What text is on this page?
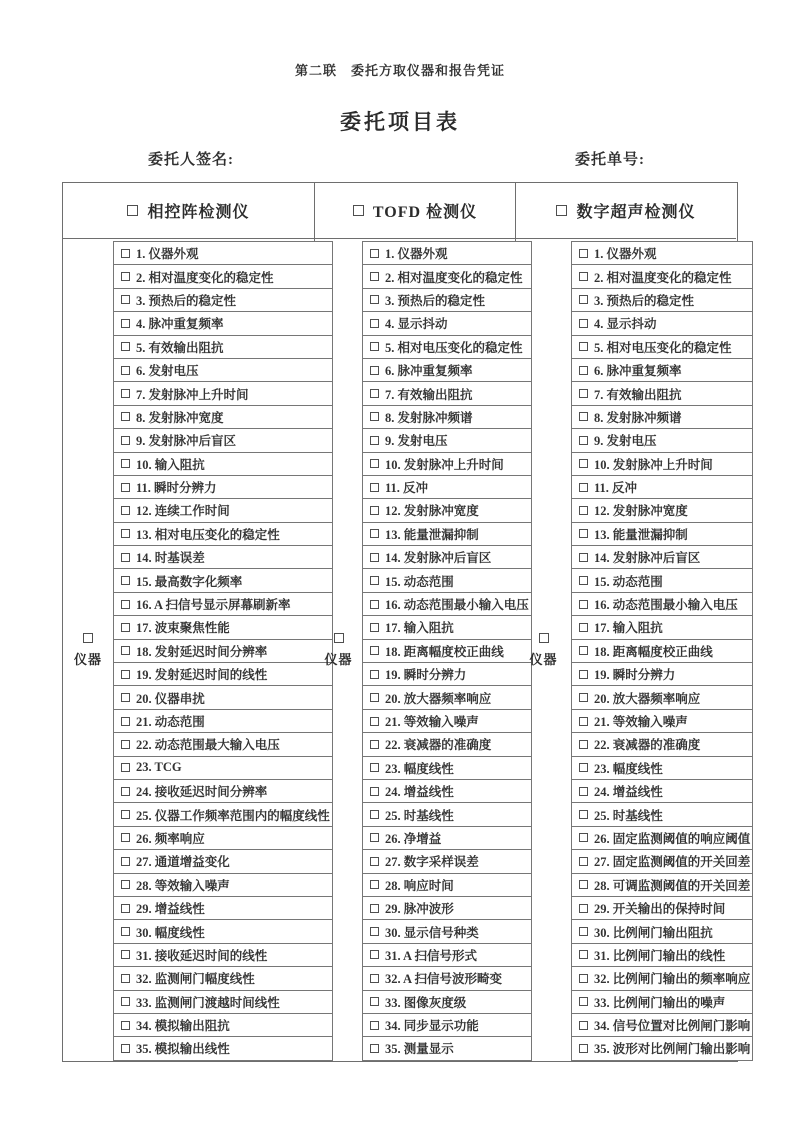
第二联　委托方取仪器和报告凭证
委托项目表
委托人签名:	委托单号:
相控阵检测仪
仪器
1. 仪器外观
2. 相对温度变化的稳定性
3. 预热后的稳定性
4. 脉冲重复频率
5. 有效输出阻抗
6. 发射电压
7. 发射脉冲上升时间
8. 发射脉冲宽度
9. 发射脉冲后盲区
10. 输入阻抗
11. 瞬时分辨力
12. 连续工作时间
13. 相对电压变化的稳定性
14. 时基误差
15. 最高数字化频率
16. A 扫信号显示屏幕刷新率
17. 波束聚焦性能
18. 发射延迟时间分辨率
19. 发射延迟时间的线性
20. 仪器串扰
21. 动态范围
22. 动态范围最大输入电压
23. TCG
24. 接收延迟时间分辨率
25. 仪器工作频率范围内的幅度线性
26. 频率响应
27. 通道增益变化
28. 等效输入噪声
29. 增益线性
30. 幅度线性
31. 接收延迟时间的线性
32. 监测闸门幅度线性
33. 监测闸门渡越时间线性
34. 模拟输出阻抗
35. 模拟输出线性
TOFD 检测仪
仪器
1. 仪器外观
2. 相对温度变化的稳定性
3. 预热后的稳定性
4. 显示抖动
5. 相对电压变化的稳定性
6. 脉冲重复频率
7. 有效输出阻抗
8. 发射脉冲频谱
9. 发射电压
10. 发射脉冲上升时间
11. 反冲
12. 发射脉冲宽度
13. 能量泄漏抑制
14. 发射脉冲后盲区
15. 动态范围
16. 动态范围最小输入电压
17. 输入阻抗
18. 距离幅度校正曲线
19. 瞬时分辨力
20. 放大器频率响应
21. 等效输入噪声
22. 衰减器的准确度
23. 幅度线性
24. 增益线性
25. 时基线性
26. 净增益
27. 数字采样误差
28. 响应时间
29. 脉冲波形
30. 显示信号种类
31. A 扫信号形式
32. A 扫信号波形畸变
33. 图像灰度级
34. 同步显示功能
35. 测量显示
数字超声检测仪
仪器
1. 仪器外观
2. 相对温度变化的稳定性
3. 预热后的稳定性
4. 显示抖动
5. 相对电压变化的稳定性
6. 脉冲重复频率
7. 有效输出阻抗
8. 发射脉冲频谱
9. 发射电压
10. 发射脉冲上升时间
11. 反冲
12. 发射脉冲宽度
13. 能量泄漏抑制
14. 发射脉冲后盲区
15. 动态范围
16. 动态范围最小输入电压
17. 输入阻抗
18. 距离幅度校正曲线
19. 瞬时分辨力
20. 放大器频率响应
21. 等效输入噪声
22. 衰减器的准确度
23. 幅度线性
24. 增益线性
25. 时基线性
26. 固定监测阈值的响应阈值
27. 固定监测阈值的开关回差
28. 可调监测阈值的开关回差
29. 开关输出的保持时间
30. 比例闸门输出阻抗
31. 比例闸门输出的线性
32. 比例闸门输出的频率响应
33. 比例闸门输出的噪声
34. 信号位置对比例闸门影响
35. 波形对比例闸门输出影响
